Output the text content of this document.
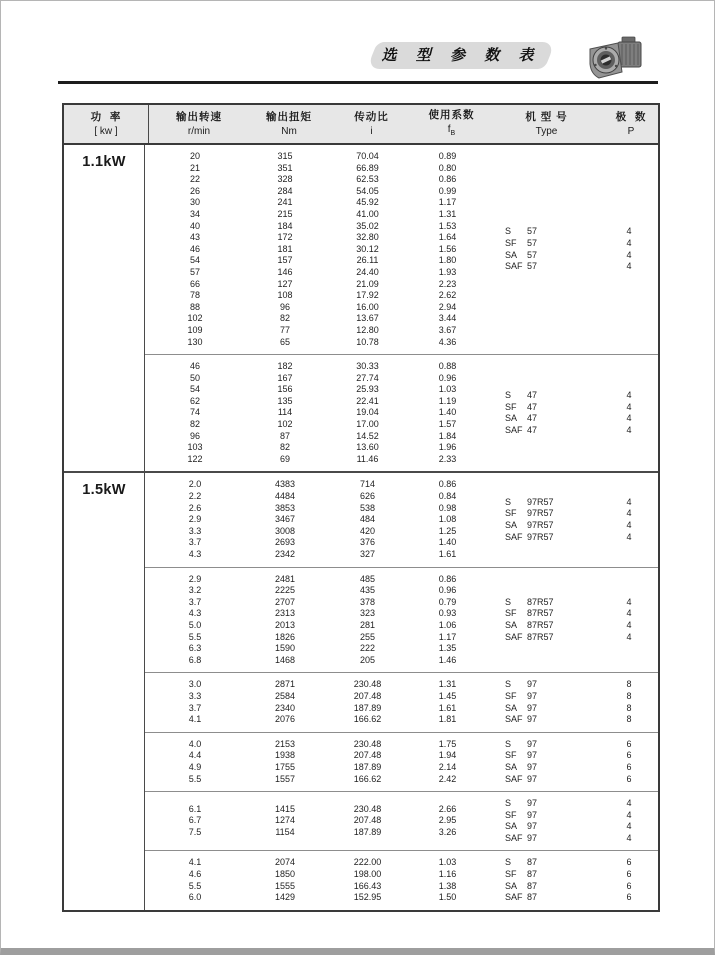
选 型 参 数 表
功  率
[ kw ]
输出转速
r/min
输出扭矩
Nm
传动比
i
使用系数
$f_B$
机 型 号
Type
极  数
P
1.1kW	20	315	70.04	0.89
21	351	66.89	0.80
22	328	62.53	0.86
26	284	54.05	0.99
30	241	45.92	1.17
34	215	41.00	1.31
40	184	35.02	1.53
43	172	32.80	1.64
46	181	30.12	1.56
54	157	26.11	1.80
57	146	24.40	1.93
66	127	21.09	2.23
78	108	17.92	2.62
88	96	16.00	2.94
102	82	13.67	3.44
109	77	12.80	3.67
130	65	10.78	4.36
S	57	4
SF	57	4
SA	57	4
SAF 57	4
46	182	30.33	0.88
50	167	27.74	0.96
54	156	25.93	1.03
62	135	22.41	1.19
74	114	19.04	1.40
82	102	17.00	1.57
96	87	14.52	1.84
103	82	13.60	1.96
122	69	11.46	2.33
S	47	4
SF	47	4
SA	47	4
SAF 47	4
1.5kW	2.0	4383	714	0.86
2.2	4484	626	0.84
2.6	3853	538	0.98
2.9	3467	484	1.08
3.3	3008	420	1.25
3.7	2693	376	1.40
4.3	2342	327	1.61
S	97R57	4
SF	97R57	4
SA	97R57	4
SAF 97R57	4
2.9	2481	485	0.86
3.2	2225	435	0.96
3.7	2707	378	0.79
4.3	2313	323	0.93
5.0	2013	281	1.06
5.5	1826	255	1.17
6.3	1590	222	1.35
6.8	1468	205	1.46
S	87R57	4
SF	87R57	4
SA	87R57	4
SAF 87R57	4
3.0	2871	230.48	1.31
3.3	2584	207.48	1.45
3.7	2340	187.89	1.61
4.1	2076	166.62	1.81
S	97	8
SF	97	8
SA	97	8
SAF 97	8
4.0	2153	230.48	1.75
4.4	1938	207.48	1.94
4.9	1755	187.89	2.14
5.5	1557	166.62	2.42
S	97	6
SF	97	6
SA	97	6
SAF 97	6
6.1	1415	230.48	2.66
6.7	1274	207.48	2.95
7.5	1154	187.89	3.26
S	97	4
SF	97	4
SA	97	4
SAF 97	4
4.1	2074	222.00	1.03
4.6	1850	198.00	1.16
5.5	1555	166.43	1.38
6.0	1429	152.95	1.50
S	87	6
SF	87	6
SA	87	6
SAF 87	6
